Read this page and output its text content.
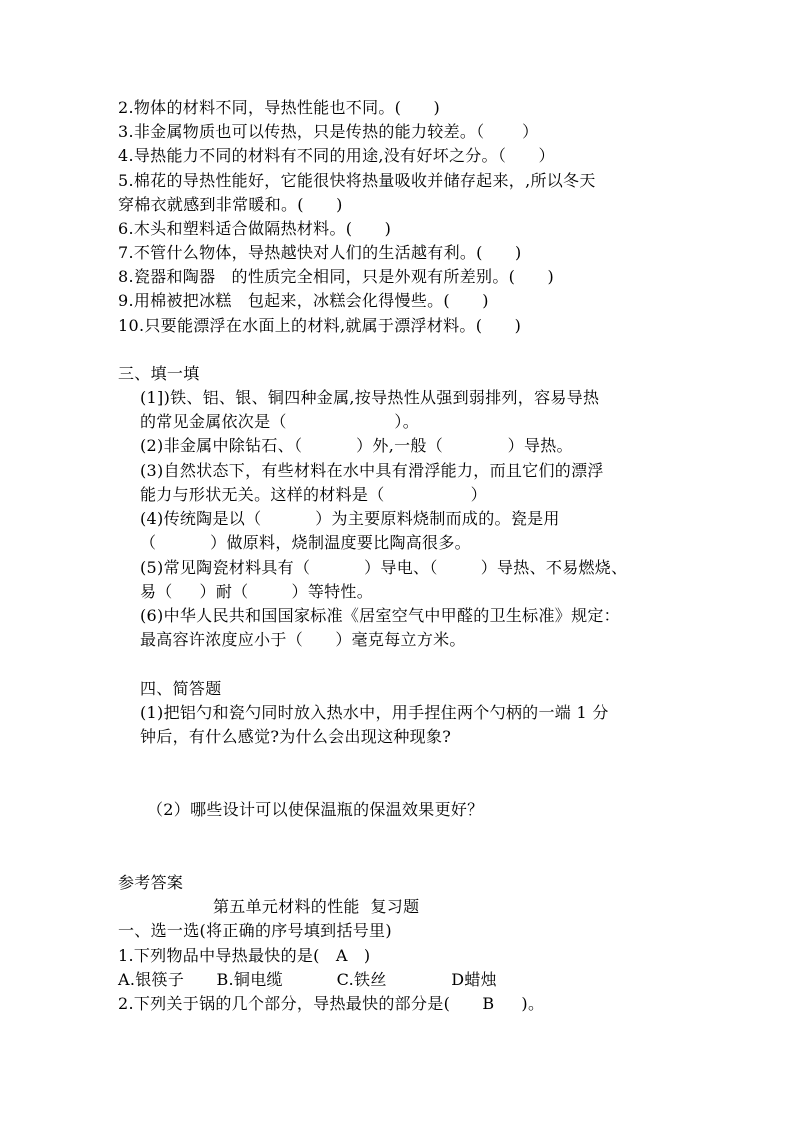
2.物体的材料不同，导热性能也不同。(      )
3.非金属物质也可以传热，只是传热的能力较差。（       ）
4.导热能力不同的材料有不同的用途,没有好坏之分。（      ）
5.棉花的导热性能好，它能很快将热量吸收并储存起来，,所以冬天
穿棉衣就感到非常暖和。(      )
6.木头和塑料适合做隔热材料。(      )
7.不管什么物体，导热越快对人们的生活越有利。(      )
8.瓷器和陶器   的性质完全相同，只是外观有所差别。(      )
9.用棉被把冰糕   包起来，冰糕会化得慢些。(      )
10.只要能漂浮在水面上的材料,就属于漂浮材料。(      )
三、填一填
(1])铁、铝、银、铜四种金属,按导热性从强到弱排列，容易导热
的常见金属依次是（                    ）。
(2)非金属中除钻石、（          ）外,一般（            ）导热。
(3)自然状态下，有些材料在水中具有滑浮能力，而且它们的漂浮
能力与形状无关。这样的材料是（                ）
(4)传统陶是以（          ）为主要原料烧制而成的。瓷是用
（          ）做原料，烧制温度要比陶高很多。
(5)常见陶瓷材料具有（          ）导电、（        ）导热、不易燃烧、
易（     ）耐（        ）等特性。
(6)中华人民共和国国家标准《居室空气中甲醛的卫生标准》规定：
最高容许浓度应小于（      ）毫克每立方米。
四、简答题
(1)把铝勺和瓷勺同时放入热水中，用手捏住两个勺柄的一端 1 分
钟后，有什么感觉?为什么会出现这种现象?
（2）哪些设计可以使保温瓶的保温效果更好？
参考答案
第五单元材料的性能  复习题
一、选一选(将正确的序号填到括号里)
1.下列物品中导热最快的是(   A   )
A.银筷子      B.铜电缆          C.铁丝            D蜡烛
2.下列关于锅的几个部分，导热最快的部分是(      B     )。
